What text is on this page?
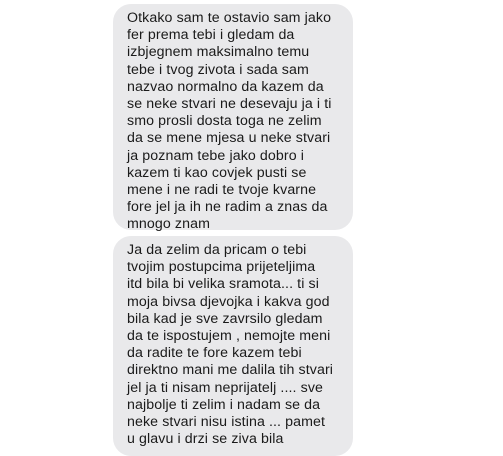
Otkako sam te ostavio sam jako
fer prema tebi i gledam da
izbjegnem maksimalno temu
tebe i tvog zivota i sada sam
nazvao normalno da kazem da
se neke stvari ne desevaju ja i ti
smo prosli dosta toga ne zelim
da se mene mjesa u neke stvari
ja poznam tebe jako dobro i
kazem ti kao covjek pusti se
mene i ne radi te tvoje kvarne
fore jel ja ih ne radim a znas da
mnogo znam
Ja da zelim da pricam o tebi
tvojim postupcima prijeteljima
itd bila bi velika sramota... ti si
moja bivsa djevojka i kakva god
bila kad je sve zavrsilo gledam
da te ispostujem , nemojte meni
da radite te fore kazem tebi
direktno mani me dalila tih stvari
jel ja ti nisam neprijatelj .... sve
najbolje ti zelim i nadam se da
neke stvari nisu istina ... pamet
u glavu i drzi se ziva bila
